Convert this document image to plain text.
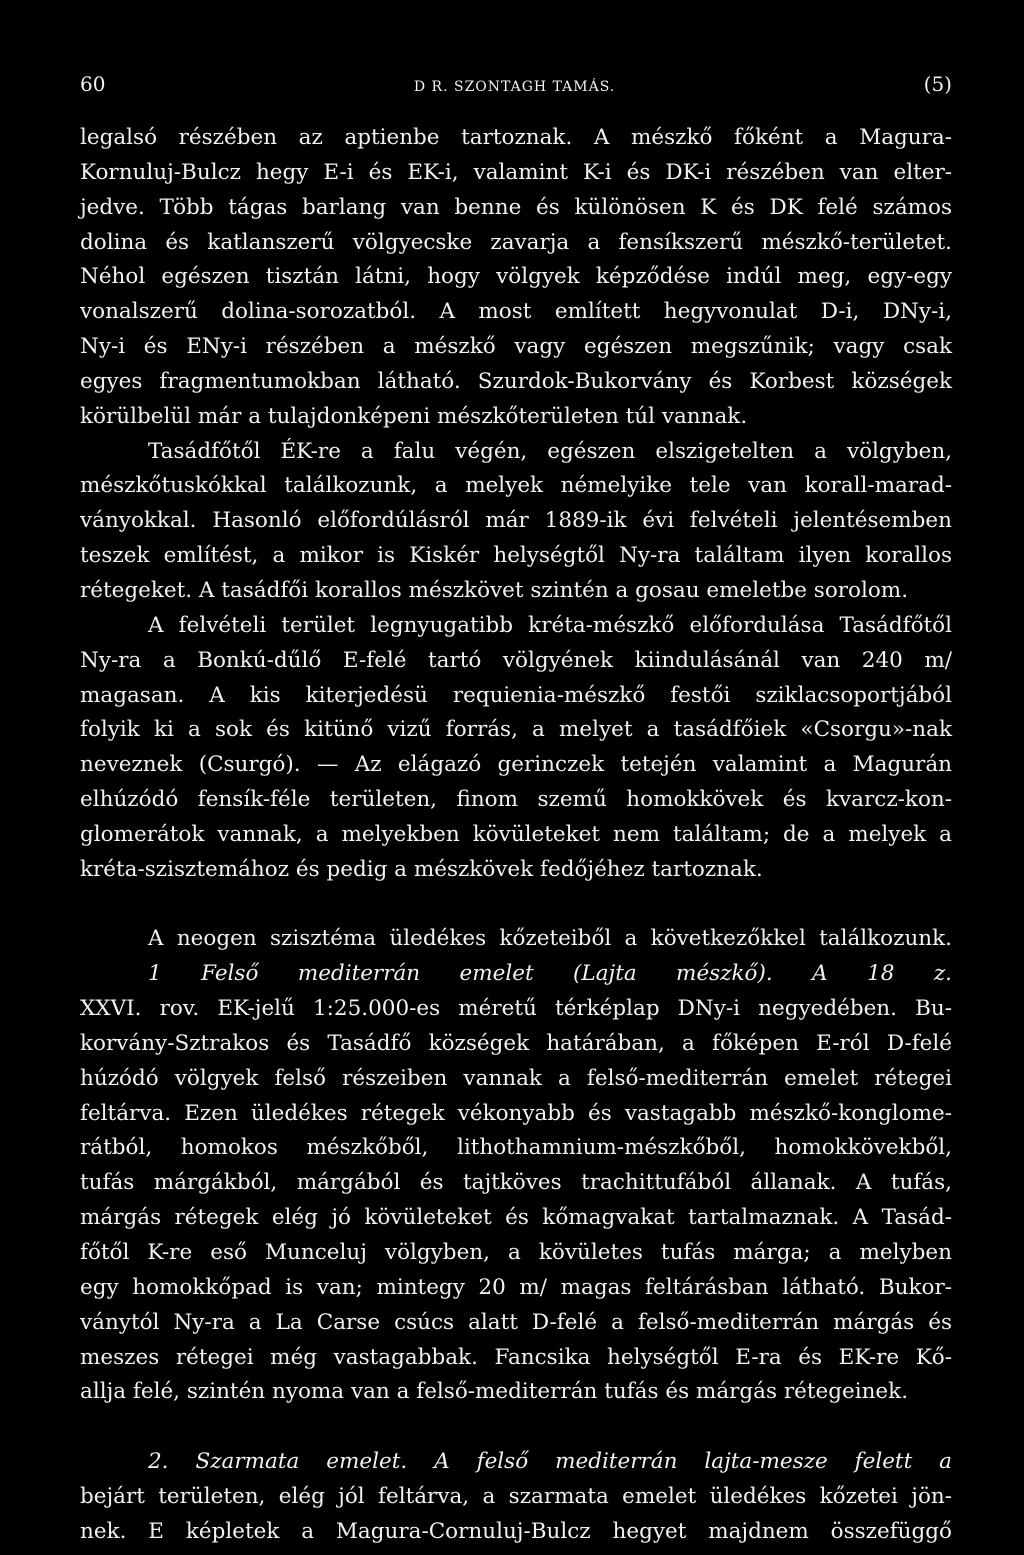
60	D R. SZONTAGH TAMÁS.	(5)
legalsó részében az aptienbe tartoznak. A mészkő főként a Magura-
Kornuluj-Bulcz hegy E-i és EK-i, valamint K-i és DK-i részében van elter-
jedve. Több tágas barlang van benne és különösen K és DK felé számos
dolina és katlanszerű völgyecske zavarja a fensíkszerű mészkő-területet.
Néhol egészen tisztán látni, hogy völgyek képződése indúl meg, egy-egy
vonalszerű dolina-sorozatból. A most említett hegyvonulat D-i, DNy-i,
Ny-i és ENy-i részében a mészkő vagy egészen megszűnik; vagy csak
egyes fragmentumokban látható. Szurdok-Bukorvány és Korbest községek
körülbelül már a tulajdonképeni mészkőterületen túl vannak.
Tasádfőtől ÉK-re a falu végén, egészen elszigetelten a völgyben,
mészkőtuskókkal találkozunk, a melyek némelyike tele van korall-marad-
ványokkal. Hasonló előfordúlásról már 1889-ik évi felvételi jelentésemben
teszek említést, a mikor is Kiskér helységtől Ny-ra találtam ilyen korallos
rétegeket. A tasádfői korallos mészkövet szintén a gosau emeletbe sorolom.
A felvételi terület legnyugatibb kréta-mészkő előfordulása Tasádfőtől
Ny-ra a Bonkú-dűlő E-felé tartó völgyének kiindulásánál van 240 m/
magasan. A kis kiterjedésü requienia-mészkő festői sziklacsoportjából
folyik ki a sok és kitünő vizű forrás, a melyet a tasádfőiek «Csorgu»-nak
neveznek (Csurgó). — Az elágazó gerinczek tetején valamint a Magurán
elhúzódó fensík-féle területen, finom szemű homokkövek és kvarcz-kon-
glomerátok vannak, a melyekben kövületeket nem találtam; de a melyek a
kréta-szisztemához és pedig a mészkövek fedőjéhez tartoznak.
A neogen szisztéma üledékes kőzeteiből a következőkkel találkozunk.
1 Felső mediterrán emelet (Lajta mészkő). A 18 z.
XXVI. rov. EK-jelű 1:25.000-es méretű térképlap DNy-i negyedében. Bu-
korvány-Sztrakos és Tasádfő községek határában, a főképen E-ról D-felé
húzódó völgyek felső részeiben vannak a felső-mediterrán emelet rétegei
feltárva. Ezen üledékes rétegek vékonyabb és vastagabb mészkő-konglome-
rátból, homokos mészkőből, lithothamnium-mészkőből, homokkövekből,
tufás márgákból, márgából és tajtköves trachittufából állanak. A tufás,
márgás rétegek elég jó kövületeket és kőmagvakat tartalmaznak. A Tasád-
főtől K-re eső Munceluj völgyben, a kövületes tufás márga; a melyben
egy homokkőpad is van; mintegy 20 m/ magas feltárásban látható. Bukor-
ványtól Ny-ra a La Carse csúcs alatt D-felé a felső-mediterrán márgás és
meszes rétegei még vastagabbak. Fancsika helységtől E-ra és EK-re Kő-
allja felé, szintén nyoma van a felső-mediterrán tufás és márgás rétegeinek.
2. Szarmata emelet. A felső mediterrán lajta-mesze felett a
bejárt területen, elég jól feltárva, a szarmata emelet üledékes kőzetei jön-
nek. E képletek a Magura-Cornuluj-Bulcz hegyet majdnem összefüggő
